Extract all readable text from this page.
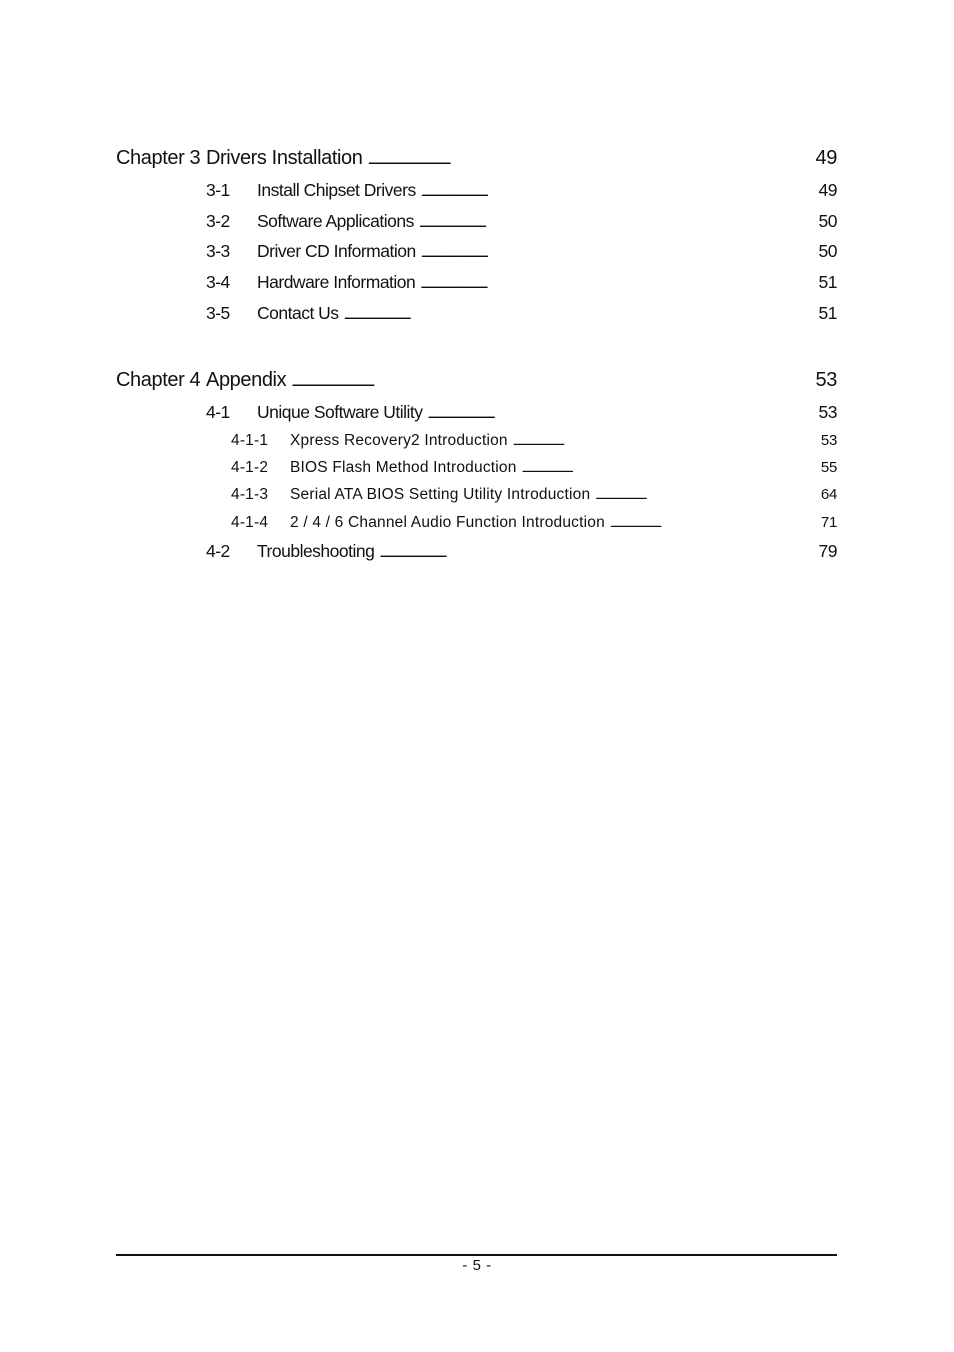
Chapter 3 Drivers Installation . . .	49
3-1	Install Chipset Drivers . . .	49
3-2	Software Applications . . .	50
3-3	Driver CD Information . . .	50
3-4	Hardware Information . . .	51
3-5	Contact Us . . .	51
Chapter 4 Appendix . . .	53
4-1	Unique Software Utility . . .	53
4-1-1	Xpress Recovery2 Introduction . . .	53
4-1-2	BIOS Flash Method Introduction . . .	55
4-1-3	Serial ATA BIOS Setting Utility Introduction . . .	64
4-1-4	2 / 4 / 6 Channel Audio Function Introduction . . .	71
4-2	Troubleshooting . . .	79
- 5 -
